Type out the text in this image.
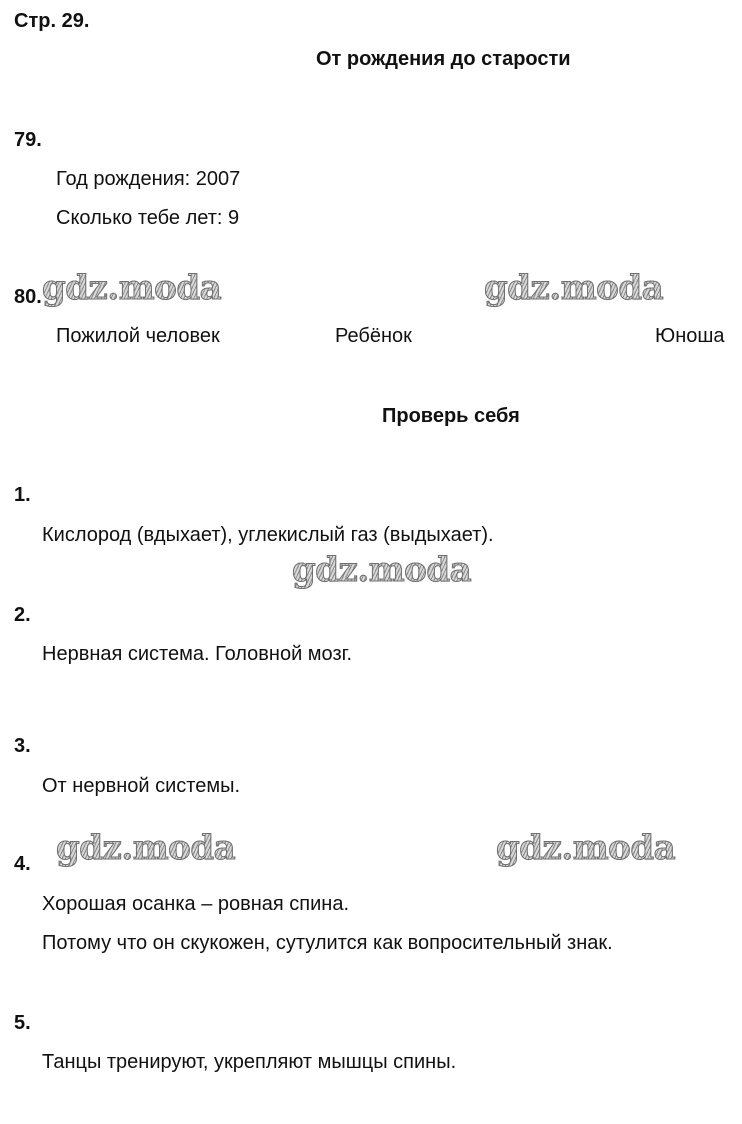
Стр. 29.
От рождения до старости
79.
Год рождения: 2007
Сколько тебе лет: 9
80. gdz.moda	gdz.moda
Пожилой человек	Ребёнок	Юноша
Проверь себя
1.
Кислород (вдыхает), углекислый газ (выдыхает).
gdz.moda
2.
Нервная система. Головной мозг.
3.
От нервной системы.
gdz.moda	gdz.moda
4.
Хорошая осанка – ровная спина.
Потому что он скукожен, сутулится как вопросительный знак.
5.
Танцы тренируют, укрепляют мышцы спины.
